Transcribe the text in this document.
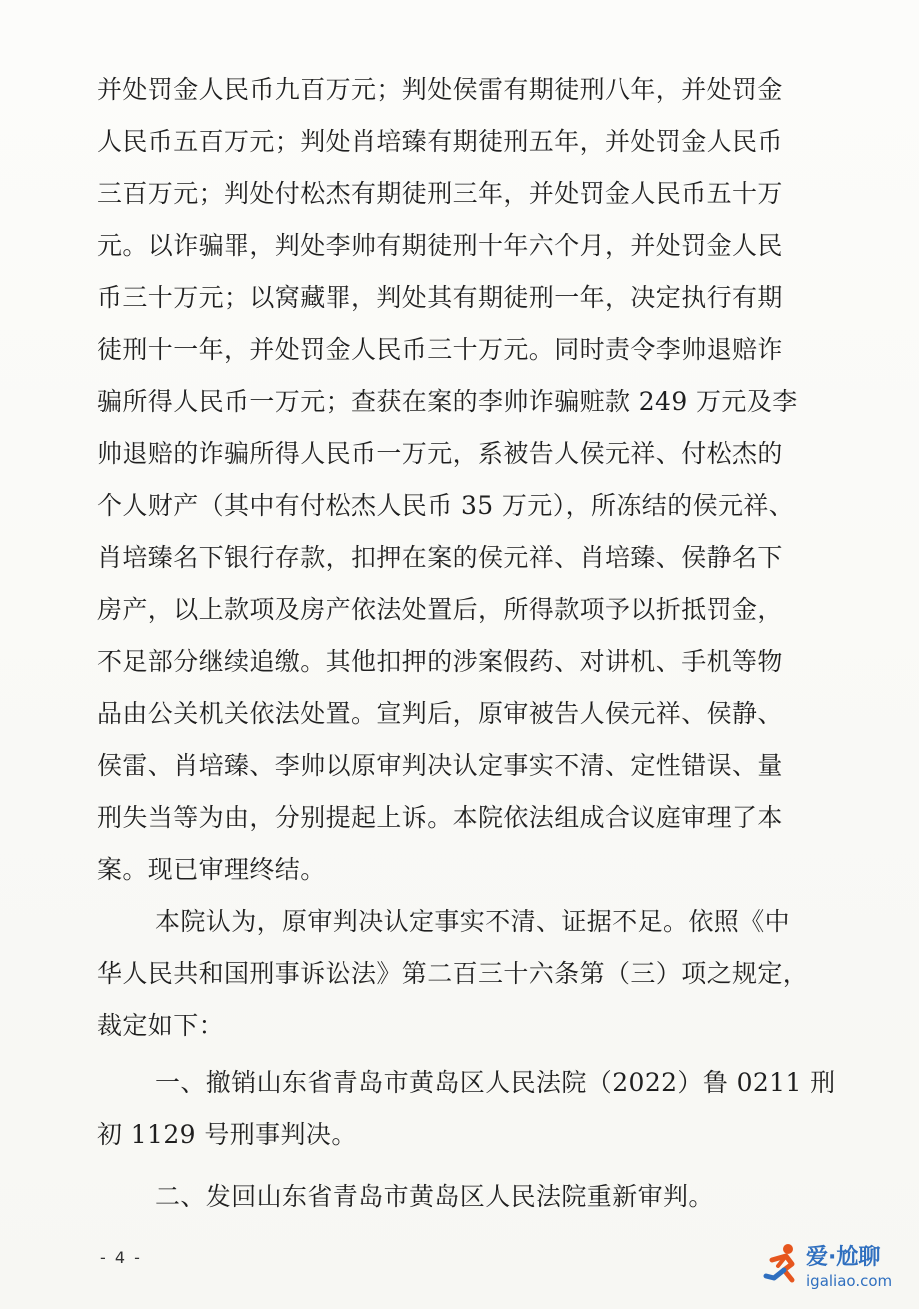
并处罚金人民币九百万元；判处侯雷有期徒刑八年，并处罚金
人民币五百万元；判处肖培臻有期徒刑五年，并处罚金人民币
三百万元；判处付松杰有期徒刑三年，并处罚金人民币五十万
元。以诈骗罪，判处李帅有期徒刑十年六个月，并处罚金人民
币三十万元；以窝藏罪，判处其有期徒刑一年，决定执行有期
徒刑十一年，并处罚金人民币三十万元。同时责令李帅退赔诈
骗所得人民币一万元；查获在案的李帅诈骗赃款 249 万元及李
帅退赔的诈骗所得人民币一万元，系被告人侯元祥、付松杰的
个人财产（其中有付松杰人民币 35 万元），所冻结的侯元祥、
肖培臻名下银行存款，扣押在案的侯元祥、肖培臻、侯静名下
房产，以上款项及房产依法处置后，所得款项予以折抵罚金，
不足部分继续追缴。其他扣押的涉案假药、对讲机、手机等物
品由公关机关依法处置。宣判后，原审被告人侯元祥、侯静、
侯雷、肖培臻、李帅以原审判决认定事实不清、定性错误、量
刑失当等为由，分别提起上诉。本院依法组成合议庭审理了本
案。现已审理终结。
本院认为，原审判决认定事实不清、证据不足。依照《中
华人民共和国刑事诉讼法》第二百三十六条第（三）项之规定，
裁定如下：
一、撤销山东省青岛市黄岛区人民法院（2022）鲁 0211 刑
初 1129 号刑事判决。
二、发回山东省青岛市黄岛区人民法院重新审判。
- 4 -	爱·尬聊
igaliao.com
